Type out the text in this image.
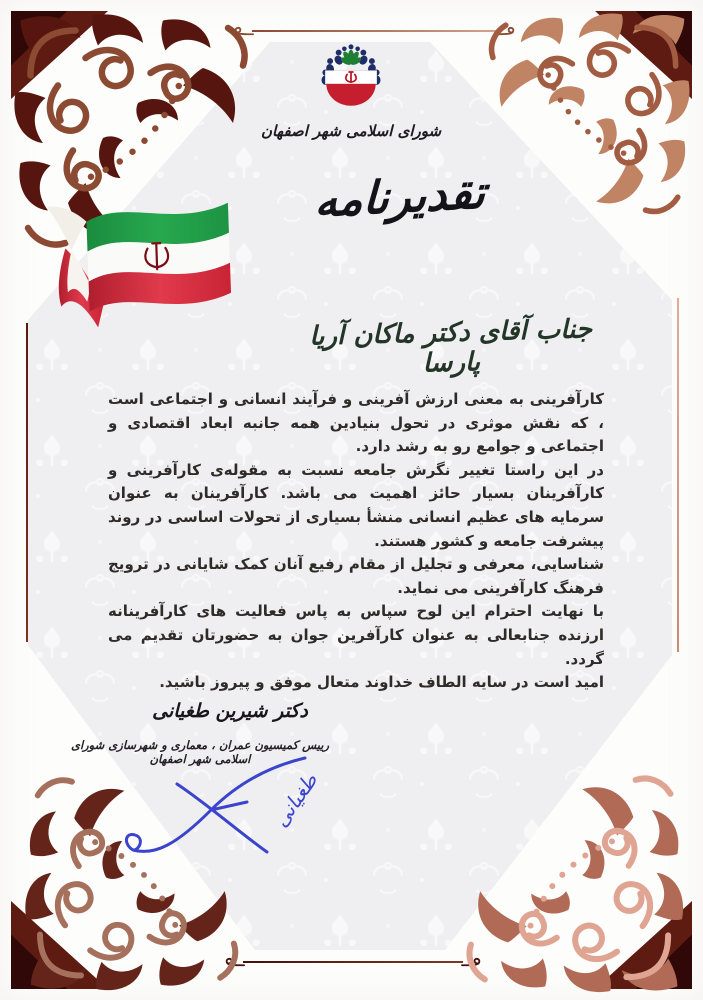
شورای اسلامی شهر اصفهان
تقدیرنامه
جناب آقای دکتر ماکان آریا پارسا

کارآفرینی به معنی ارزش آفرینی و فرآیند انسانی و اجتماعی است ، که نقش موثری در تحول بنیادین همه جانبه ابعاد اقتصادی و اجتماعی و جوامع رو به رشد دارد.

در این راستا تغییر نگرش جامعه نسبت به مقوله‌ی کارآفرینی و کارآفرینان بسیار حائز اهمیت می باشد. کارآفرینان به عنوان سرمایه های عظیم انسانی منشأ بسیاری از تحولات اساسی در روند پیشرفت جامعه و کشور هستند.

شناسایی، معرفی و تجلیل از مقام رفیع آنان کمک شایانی در ترویج فرهنگ کارآفرینی می نماید.

با نهایت احترام این لوح سپاس به پاس فعالیت های کارآفرینانه ارزنده جنابعالی به عنوان کارآفرین جوان به حضورتان تقدیم می گردد.

امید است در سایه الطاف خداوند متعال موفق و پیروز باشید.

دکتر شیرین طغیانی
رییس کمیسیون عمران ، معماری و شهرسازی شورای اسلامی شهر اصفهان
طغیانی
